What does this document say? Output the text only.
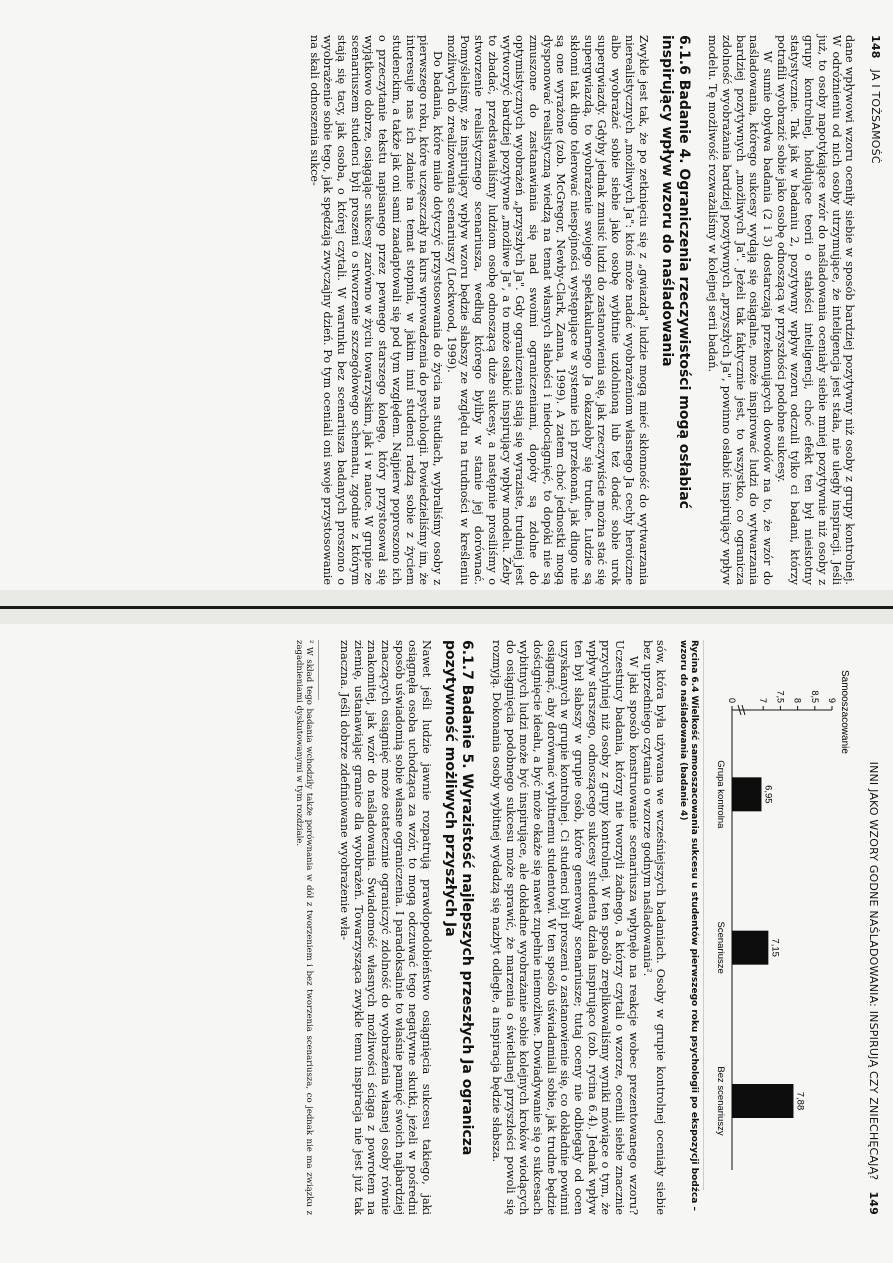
148   JA I TOŻSAMOŚĆ

dane wpływowi wzoru oceniły siebie w sposób bardziej pozytywny niż osoby z grupy kontrolnej. W odróżnieniu od nich osoby utrzymujące, że inteligencja jest stała, nie uległy inspiracji. Jeśli już, to osoby napotykające wzór do naśladowania oceniały siebie mniej pozytywnie niż osoby z grupy kontrolnej, hołdujące teorii o stałości inteligencji, choć efekt ten był nieistotny statystycznie. Tak jak w badaniu 2, pozytywny wpływ wzoru odczuli tylko ci badani, którzy potrafili wyobrazić sobie jako osobę odnoszącą w przyszłości podobne sukcesy.

W sumie obydwa badania (2 i 3) dostarczają przekonujących dowodów na to, że wzór do naśladowania, którego sukcesy wydają się osiągalne, może inspirować ludzi do wytwarzania bardziej pozytywnych „możliwych Ja". Jeżeli tak faktycznie jest, to wszystko, co ogranicza zdolność wyobrażania bardziej pozytywnych „przyszłych Ja", powinno osłabić inspirujący wpływ modelu. Tę możliwość rozważaliśmy w kolejnej serii badań.

6.1.6 Badanie 4. Ograniczenia rzeczywistości mogą osłabiać inspirujący wpływ wzoru do naśladowania

Zwykle jest tak, że po zetknięciu się z „gwiazdą" ludzie mogą mieć skłonność do wytwarzania nierealistycznych „możliwych Ja": ktoś może nadać wyobrażeniom własnego Ja cechy heroiczne albo wyobrażać sobie siebie jako osobę wybitnie uzdolnioną lub też dodać sobie urok supergwiazdy. Gdyby jednak zmusić ludzi do zastanowienia się, jak rzeczywiście można stać się supergwiazdą, to wyobrażenie swojego spektakularnego Ja okazałoby się trudne. Ludzie są skłonni tak długo tolerować niespójności występujące w systemie ich przekonań, jak długo nie są one wyrażone (zob. McGregor, Newby-Clark, Zanna, 1999). A zatem choć jednostki mogą dysponować realistyczną wiedzą na temat własnych słabości i niedociągnięć, to dopóki nie są zmuszone do zastanawiania się nad swoimi ograniczeniami, dopóty są zdolne do optymistycznych wyobrażeń „przyszłych Ja". Gdy ograniczenia stają się wyraziste, trudniej jest wytworzyć bardziej pozytywne „możliwe Ja", a to może osłabić inspirujący wpływ modelu. Żeby to zbadać, przedstawialiśmy ludziom osobę odnoszącą duże sukcesy, a następnie prosiliśmy o stworzenie realistycznego scenariusza, według którego byliby w stanie jej dorównać. Pomyśleliśmy, że inspirujący wpływ wzoru będzie słabszy ze względu na trudności w kreśleniu możliwych do zrealizowania scenariuszy (Lockwood, 1999).

Do badania, które miało dotyczyć przystosowania do życia na studiach, wybraliśmy osoby z pierwszego roku, które uczęszczały na kurs wprowadzenia do psychologii. Powiedzieliśmy im, że interesuje nas ich zdanie na temat stopnia, w jakim inni studenci radzą sobie z życiem studenckim, a także jak oni sami zaadaptowali się pod tym względem. Najpierw poproszono ich o przeczytanie tekstu napisanego przez pewnego starszego kolegę, który przystosował się wyjątkowo dobrze, osiągając sukcesy zarówno w życiu towarzyskim, jak i w nauce. W grupie ze scenariuszem studenci byli proszeni o stworzenie szczegółowego schematu, zgodnie z którym stają się tacy, jak osoba, o której czytali. W warunku bez scenariusza badanych proszono o wyobrażenie sobie tego, jak spędzają zwyczajny dzień. Po tym oceniali oni swoje przystosowanie na skali odnoszenia sukce-

INNI JAKO WZORY GODNE NAŚLADOWANIA: INSPIRUJĄ CZY ZNIECHĘCAJĄ?   149
Samooszacowanie
0 7 7,5 8 8,5 9
6,95
Grupa kontrolna
7,15
Scenariusze
7,88
Bez scenariuszy
Rycina 6.4 Wielkość samooszacowania sukcesu u studentów pierwszego roku psychologii po ekspozycji bodźca – wzoru do naśladowania (badanie 4)

sów, która była używana we wcześniejszych badaniach. Osoby w grupie kontrolnej oceniały siebie bez uprzedniego czytania o wzorze godnym naśladowania².

W jaki sposób konstruowanie scenariusza wpłynęło na reakcje wobec prezentowanego wzoru? Uczestnicy badania, którzy nie tworzyli żadnego, a którzy czytali o wzorze, ocenili siebie znacznie przychylniej niż osoby z grupy kontrolnej. W ten sposób zreplikowaliśmy wyniki mówiące o tym, że wpływ starszego, odnoszącego sukcesy studenta działa inspirująco (zob. rycina 6.4). Jednak wpływ ten był słabszy w grupie osób, które generowały scenariusze; tutaj oceny nie odbiegały od ocen uzyskanych w grupie kontrolnej. Ci studenci byli proszeni o zastanowienie się, co dokładnie powinni osiągnąć, aby dorównać wybitnemu studentowi. W ten sposób uświadamiali sobie, jak trudne będzie doścignięcie ideału, a być może okaże się nawet zupełnie niemożliwe. Dowiadywanie się o sukcesach wybitnych ludzi może być inspirujące, ale dokładne wyobrażanie sobie kolejnych kroków wiodących do osiągnięcia podobnego sukcesu może sprawić, że marzenia o świetlanej przyszłości powoli się rozmyją. Dokonania osoby wybitnej wydadzą się nazbyt odległe, a inspiracja będzie słabsza.

6.1.7 Badanie 5. Wyrazistość najlepszych przeszłych Ja ogranicza pozytywność możliwych przyszłych Ja

Nawet jeśli ludzie jawnie rozpatrują prawdopodobieństwo osiągnięcia sukcesu takiego, jaki osiągnęła osoba uchodząca za wzór, to mogą odczuwać tego negatywne skutki, jeżeli w pośredni sposób uświadomią sobie własne ograniczenia. I paradoksalnie to właśnie pamięć swoich najbardziej znaczących osiągnięć może ostatecznie ograniczyć zdolność do wyobrażenia własnej osoby równie znakomitej, jak wzór do naśladowania. Świadomość własnych możliwości ściąga z powrotem na ziemię, ustanawiając granice dla wyobrażeń. Towarzysząca zwykle temu inspiracja nie jest już tak znaczna. Jeśli dobrze zdefiniowane wyobrażenie wła-

² W skład tego badania wchodziły także porównania w dół z tworzeniem i bez tworzenia scenariusza, co jednak nie ma związku z zagadnieniami dyskutowanymi w tym rozdziale.
